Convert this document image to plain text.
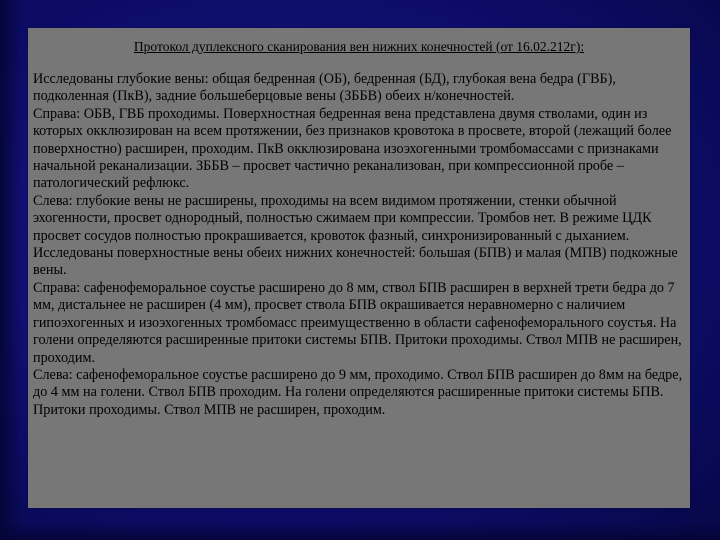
Протокол дуплексного сканирования вен нижних конечностей (от 16.02.212г):

Исследованы глубокие вены: общая бедренная (ОБ), бедренная (БД), глубокая вена бедра (ГВБ), подколенная (ПкВ), задние большеберцовые вены (ЗББВ) обеих н/конечностей.

Справа: ОБВ, ГВБ проходимы. Поверхностная бедренная вена представлена двумя стволами, один из которых окклюзирован на всем протяжении, без признаков кровотока в просвете, второй (лежащий более поверхностно) расширен, проходим. ПкВ окклюзирована изоэхогенными тромбомассами с признаками начальной реканализации. ЗББВ – просвет частично реканализован, при компрессионной пробе – патологический рефлюкс.

Слева: глубокие вены не расширены, проходимы на всем видимом протяжении, стенки обычной эхогенности, просвет однородный, полностью сжимаем при компрессии. Тромбов нет. В режиме ЦДК просвет сосудов полностью прокрашивается, кровоток фазный, синхронизированный с дыханием.

Исследованы поверхностные вены обеих нижних конечностей: большая (БПВ) и малая (МПВ) подкожные вены.

Справа: сафенофеморальное соустье расширено до 8 мм, ствол БПВ расширен в верхней трети бедра до 7 мм, дистальнее не расширен (4 мм), просвет ствола БПВ окрашивается неравномерно с наличием гипоэхогенных и изоэхогенных тромбомасс преимущественно в области сафенофеморального соустья. На голени определяются расширенные притоки системы БПВ. Притоки проходимы. Ствол МПВ не расширен, проходим.

Слева: сафенофеморальное соустье расширено до 9 мм, проходимо. Ствол БПВ расширен до 8мм на бедре, до 4 мм на голени. Ствол БПВ проходим. На голени определяются расширенные притоки системы БПВ. Притоки проходимы. Ствол МПВ не расширен, проходим.
